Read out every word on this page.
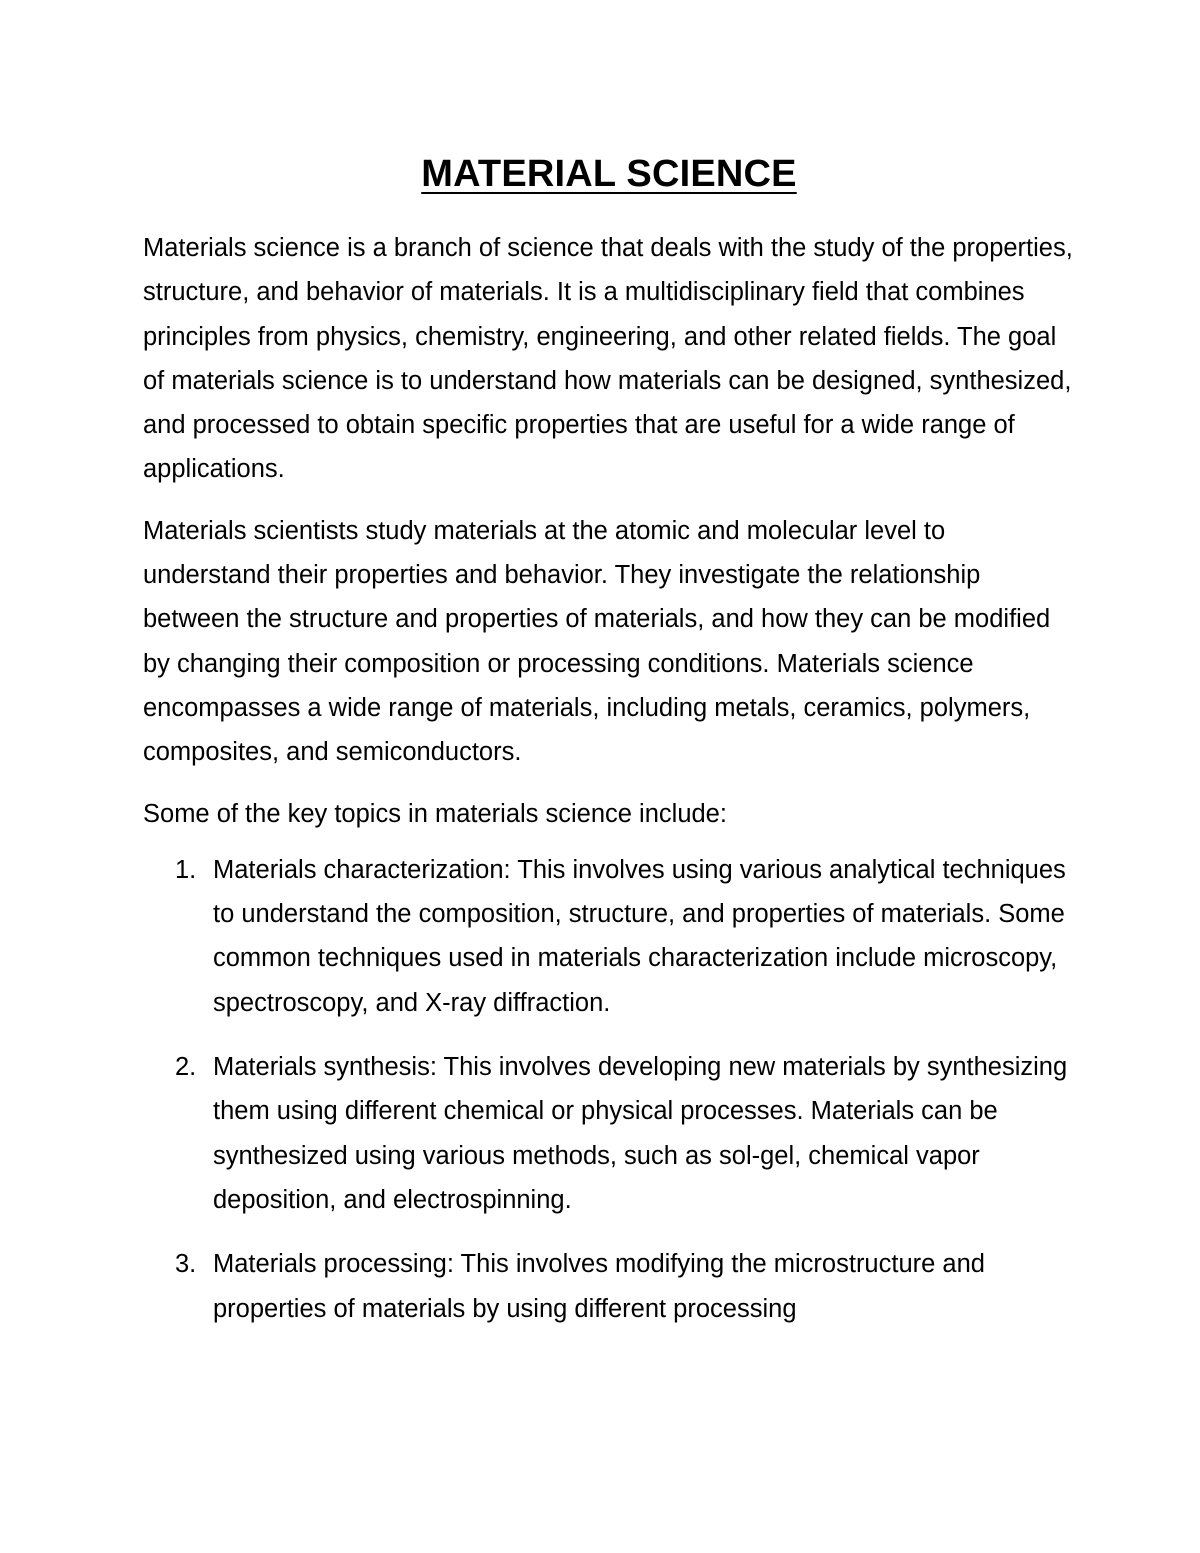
MATERIAL SCIENCE

Materials science is a branch of science that deals with the study of the properties, structure, and behavior of materials. It is a multidisciplinary field that combines principles from physics, chemistry, engineering, and other related fields. The goal of materials science is to understand how materials can be designed, synthesized, and processed to obtain specific properties that are useful for a wide range of applications.

Materials scientists study materials at the atomic and molecular level to understand their properties and behavior. They investigate the relationship between the structure and properties of materials, and how they can be modified by changing their composition or processing conditions. Materials science encompasses a wide range of materials, including metals, ceramics, polymers, composites, and semiconductors.

Some of the key topics in materials science include:

1. Materials characterization: This involves using various analytical techniques to understand the composition, structure, and properties of materials. Some common techniques used in materials characterization include microscopy, spectroscopy, and X-ray diffraction.
2. Materials synthesis: This involves developing new materials by synthesizing them using different chemical or physical processes. Materials can be synthesized using various methods, such as sol-gel, chemical vapor deposition, and electrospinning.
3. Materials processing: This involves modifying the microstructure and properties of materials by using different processing
